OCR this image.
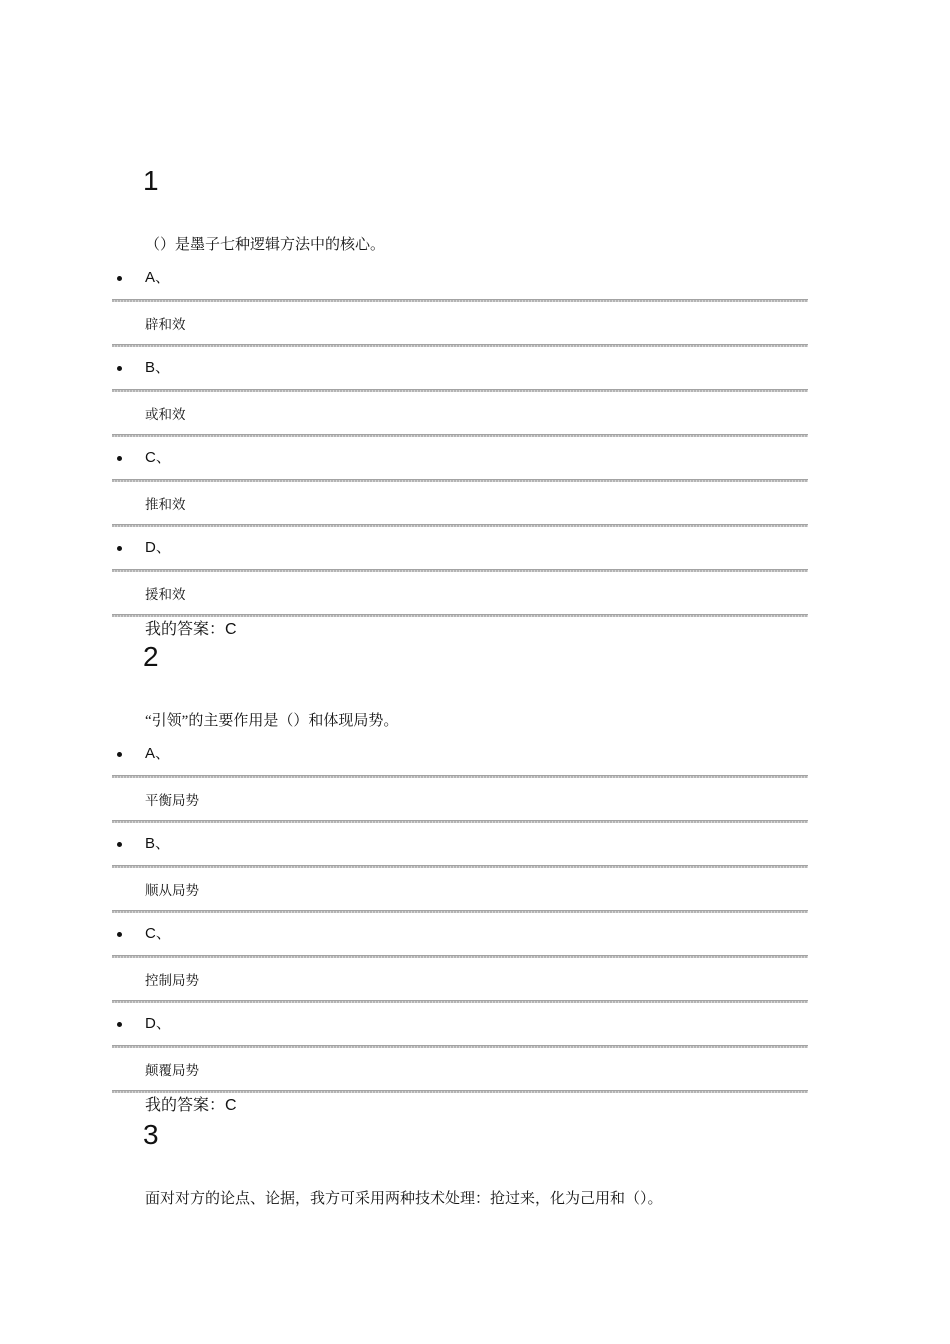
1
（）是墨子七种逻辑方法中的核心。
A、
辟和效
B、
或和效
C、
推和效
D、
援和效
我的答案：C
2
“引领”的主要作用是（）和体现局势。
A、
平衡局势
B、
顺从局势
C、
控制局势
D、
颠覆局势
我的答案：C
3
面对对方的论点、论据，我方可采用两种技术处理：抢过来，化为己用和（）。
